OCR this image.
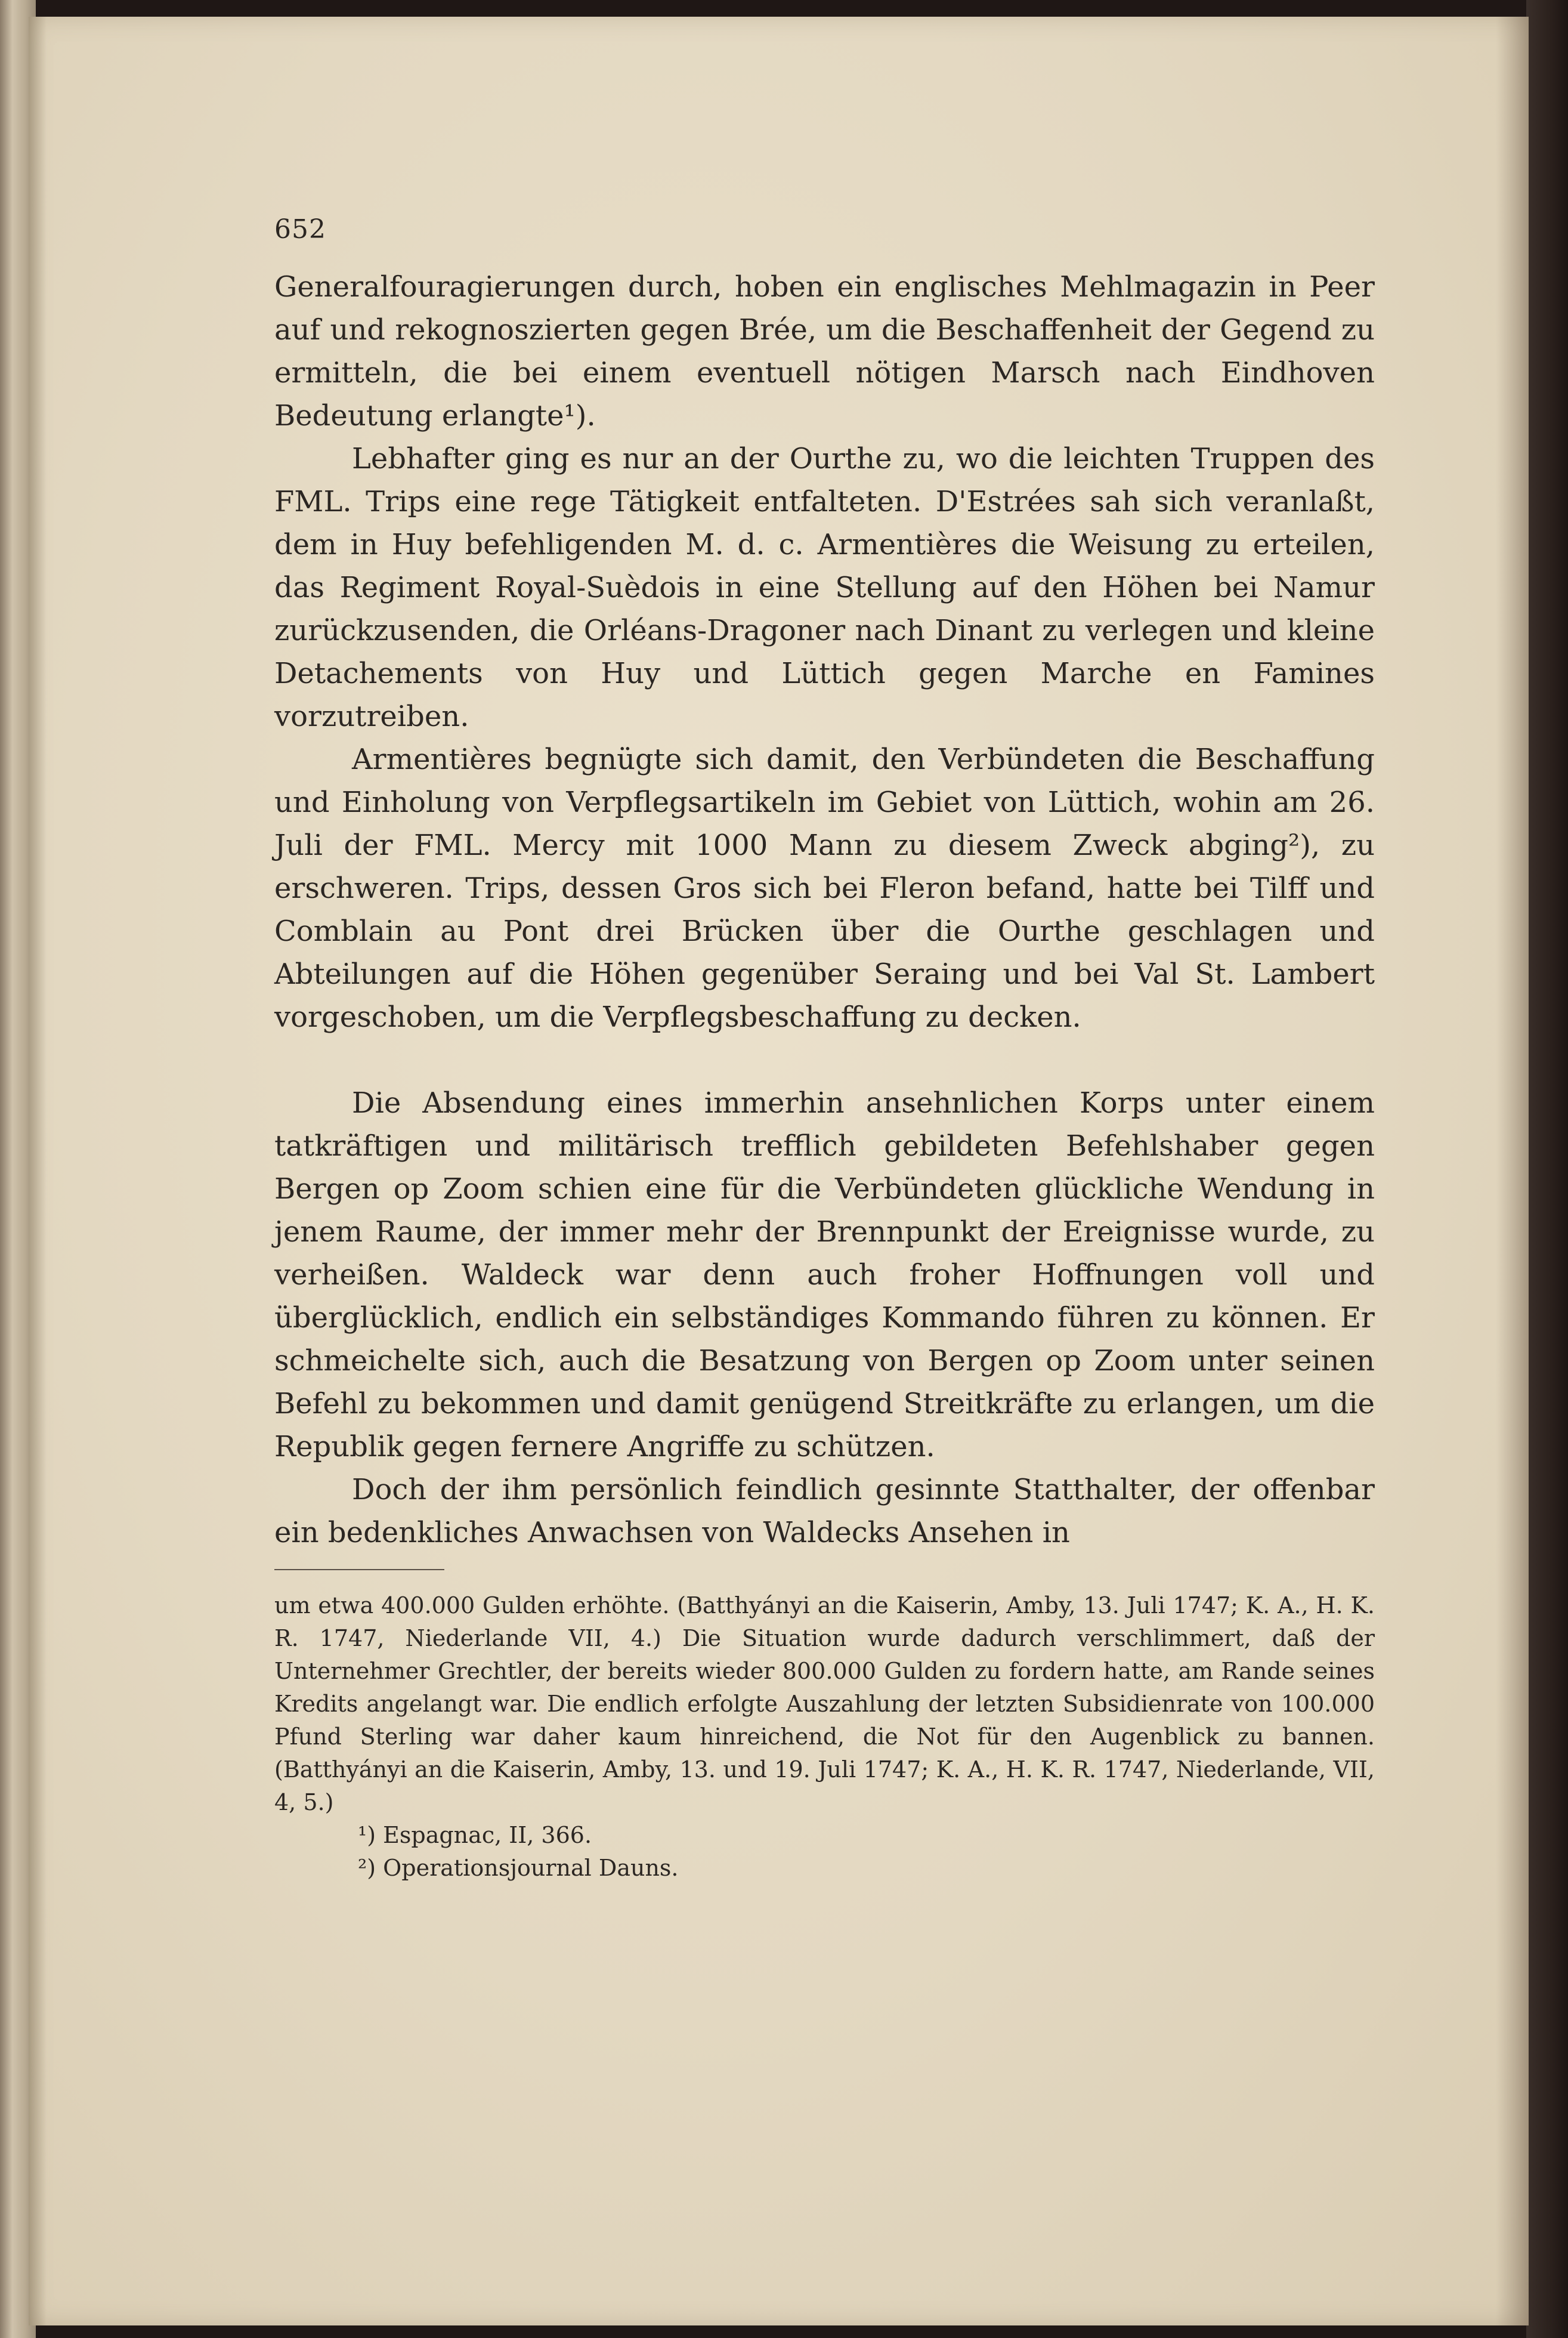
652

Generalfouragierungen durch, hoben ein englisches Mehlmagazin in Peer auf und rekognoszierten gegen Brée, um die Beschaffenheit der Gegend zu ermitteln, die bei einem eventuell nötigen Marsch nach Eindhoven Bedeutung erlangte¹).

Lebhafter ging es nur an der Ourthe zu, wo die leichten Truppen des FML. Trips eine rege Tätigkeit entfalteten. D'Estrées sah sich veranlaßt, dem in Huy befehligenden M. d. c. Armentières die Weisung zu erteilen, das Regiment Royal-Suèdois in eine Stellung auf den Höhen bei Namur zurückzusenden, die Orléans-Dragoner nach Dinant zu verlegen und kleine Detachements von Huy und Lüttich gegen Marche en Famines vorzutreiben.

Armentières begnügte sich damit, den Verbündeten die Beschaffung und Einholung von Verpflegsartikeln im Gebiet von Lüttich, wohin am 26. Juli der FML. Mercy mit 1000 Mann zu diesem Zweck abging²), zu erschweren. Trips, dessen Gros sich bei Fleron befand, hatte bei Tilff und Comblain au Pont drei Brücken über die Ourthe geschlagen und Abteilungen auf die Höhen gegenüber Seraing und bei Val St. Lambert vorgeschoben, um die Verpflegsbeschaffung zu decken.

Die Absendung eines immerhin ansehnlichen Korps unter einem tatkräftigen und militärisch trefflich gebildeten Befehlshaber gegen Bergen op Zoom schien eine für die Verbündeten glückliche Wendung in jenem Raume, der immer mehr der Brennpunkt der Ereignisse wurde, zu verheißen. Waldeck war denn auch froher Hoffnungen voll und überglücklich, endlich ein selbständiges Kommando führen zu können. Er schmeichelte sich, auch die Besatzung von Bergen op Zoom unter seinen Befehl zu bekommen und damit genügend Streitkräfte zu erlangen, um die Republik gegen fernere Angriffe zu schützen.

Doch der ihm persönlich feindlich gesinnte Statthalter, der offenbar ein bedenkliches Anwachsen von Waldecks Ansehen in

um etwa 400.000 Gulden erhöhte. (Batthyányi an die Kaiserin, Amby, 13. Juli 1747; K. A., H. K. R. 1747, Niederlande VII, 4.) Die Situation wurde dadurch verschlimmert, daß der Unternehmer Grechtler, der bereits wieder 800.000 Gulden zu fordern hatte, am Rande seines Kredits angelangt war. Die endlich erfolgte Auszahlung der letzten Subsidienrate von 100.000 Pfund Sterling war daher kaum hinreichend, die Not für den Augenblick zu bannen. (Batthyányi an die Kaiserin, Amby, 13. und 19. Juli 1747; K. A., H. K. R. 1747, Niederlande, VII, 4, 5.)

¹) Espagnac, II, 366.

²) Operationsjournal Dauns.
